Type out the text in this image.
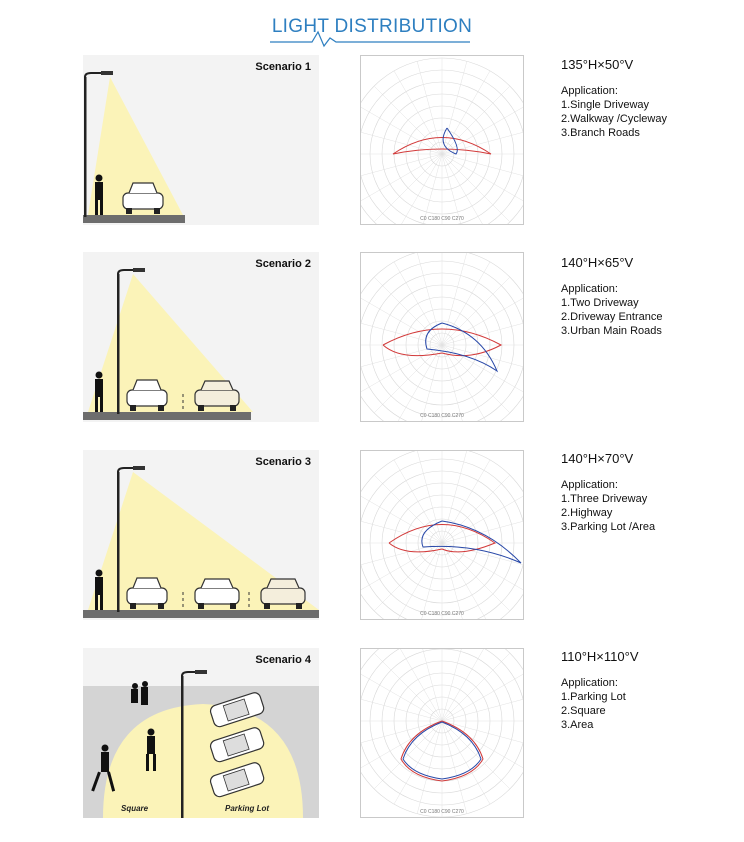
LIGHT DISTRIBUTION
Scenario 1
C0 C180 C90 C270
135°H×50°V
Application:
1.Single Driveway
2.Walkway /Cycleway
3.Branch Roads
Scenario 2
C0 C180 C90 C270
140°H×65°V
Application:
1.Two Driveway
2.Driveway Entrance
3.Urban Main Roads
Scenario 3
C0 C180 C90 C270
140°H×70°V
Application:
1.Three Driveway
2.Highway
3.Parking Lot /Area
Scenario 4
Square	Parking Lot	C0 C180 C90 C270
110°H×110°V
Application:
1.Parking Lot
2.Square
3.Area
